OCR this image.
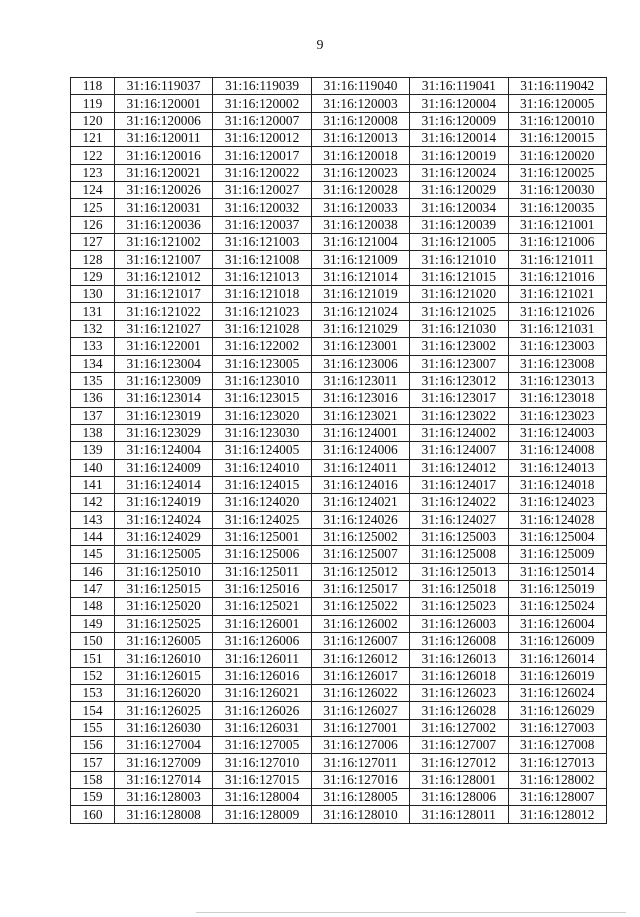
9
118	31:16:119037	31:16:119039	31:16:119040	31:16:119041	31:16:119042
119	31:16:120001	31:16:120002	31:16:120003	31:16:120004	31:16:120005
120	31:16:120006	31:16:120007	31:16:120008	31:16:120009	31:16:120010
121	31:16:120011	31:16:120012	31:16:120013	31:16:120014	31:16:120015
122	31:16:120016	31:16:120017	31:16:120018	31:16:120019	31:16:120020
123	31:16:120021	31:16:120022	31:16:120023	31:16:120024	31:16:120025
124	31:16:120026	31:16:120027	31:16:120028	31:16:120029	31:16:120030
125	31:16:120031	31:16:120032	31:16:120033	31:16:120034	31:16:120035
126	31:16:120036	31:16:120037	31:16:120038	31:16:120039	31:16:121001
127	31:16:121002	31:16:121003	31:16:121004	31:16:121005	31:16:121006
128	31:16:121007	31:16:121008	31:16:121009	31:16:121010	31:16:121011
129	31:16:121012	31:16:121013	31:16:121014	31:16:121015	31:16:121016
130	31:16:121017	31:16:121018	31:16:121019	31:16:121020	31:16:121021
131	31:16:121022	31:16:121023	31:16:121024	31:16:121025	31:16:121026
132	31:16:121027	31:16:121028	31:16:121029	31:16:121030	31:16:121031
133	31:16:122001	31:16:122002	31:16:123001	31:16:123002	31:16:123003
134	31:16:123004	31:16:123005	31:16:123006	31:16:123007	31:16:123008
135	31:16:123009	31:16:123010	31:16:123011	31:16:123012	31:16:123013
136	31:16:123014	31:16:123015	31:16:123016	31:16:123017	31:16:123018
137	31:16:123019	31:16:123020	31:16:123021	31:16:123022	31:16:123023
138	31:16:123029	31:16:123030	31:16:124001	31:16:124002	31:16:124003
139	31:16:124004	31:16:124005	31:16:124006	31:16:124007	31:16:124008
140	31:16:124009	31:16:124010	31:16:124011	31:16:124012	31:16:124013
141	31:16:124014	31:16:124015	31:16:124016	31:16:124017	31:16:124018
142	31:16:124019	31:16:124020	31:16:124021	31:16:124022	31:16:124023
143	31:16:124024	31:16:124025	31:16:124026	31:16:124027	31:16:124028
144	31:16:124029	31:16:125001	31:16:125002	31:16:125003	31:16:125004
145	31:16:125005	31:16:125006	31:16:125007	31:16:125008	31:16:125009
146	31:16:125010	31:16:125011	31:16:125012	31:16:125013	31:16:125014
147	31:16:125015	31:16:125016	31:16:125017	31:16:125018	31:16:125019
148	31:16:125020	31:16:125021	31:16:125022	31:16:125023	31:16:125024
149	31:16:125025	31:16:126001	31:16:126002	31:16:126003	31:16:126004
150	31:16:126005	31:16:126006	31:16:126007	31:16:126008	31:16:126009
151	31:16:126010	31:16:126011	31:16:126012	31:16:126013	31:16:126014
152	31:16:126015	31:16:126016	31:16:126017	31:16:126018	31:16:126019
153	31:16:126020	31:16:126021	31:16:126022	31:16:126023	31:16:126024
154	31:16:126025	31:16:126026	31:16:126027	31:16:126028	31:16:126029
155	31:16:126030	31:16:126031	31:16:127001	31:16:127002	31:16:127003
156	31:16:127004	31:16:127005	31:16:127006	31:16:127007	31:16:127008
157	31:16:127009	31:16:127010	31:16:127011	31:16:127012	31:16:127013
158	31:16:127014	31:16:127015	31:16:127016	31:16:128001	31:16:128002
159	31:16:128003	31:16:128004	31:16:128005	31:16:128006	31:16:128007
160	31:16:128008	31:16:128009	31:16:128010	31:16:128011	31:16:128012
